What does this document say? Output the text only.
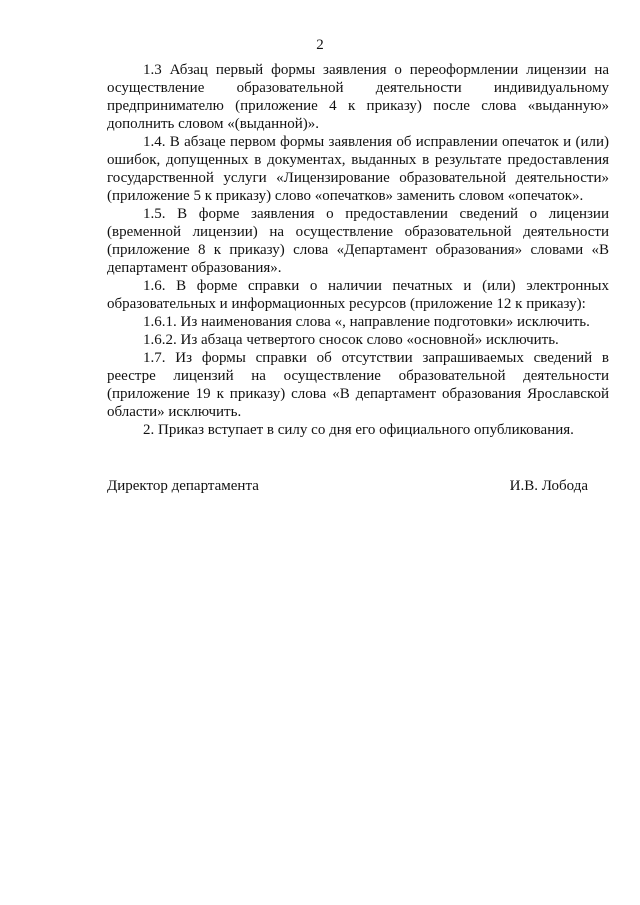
2

1.3 Абзац первый формы заявления о переоформлении лицензии на осуществление образовательной деятельности индивидуальному предпринимателю (приложение 4 к приказу) после слова «выданную» дополнить словом «(выданной)».

1.4. В абзаце первом формы заявления об исправлении опечаток и (или) ошибок, допущенных в документах, выданных в результате предоставления государственной услуги «Лицензирование образовательной деятельности» (приложение 5 к приказу) слово «опечатков» заменить словом «опечаток».

1.5. В форме заявления о предоставлении сведений о лицензии (временной лицензии) на осуществление образовательной деятельности (приложение 8 к приказу) слова «Департамент образования» словами «В департамент образования».

1.6. В форме справки о наличии печатных и (или) электронных образовательных и информационных ресурсов (приложение 12 к приказу):

1.6.1. Из наименования слова «, направление подготовки» исключить.

1.6.2. Из абзаца четвертого сносок слово «основной» исключить.

1.7. Из формы справки об отсутствии запрашиваемых сведений в реестре лицензий на осуществление образовательной деятельности (приложение 19 к приказу) слова «В департамент образования Ярославской области» исключить.

2. Приказ вступает в силу со дня его официального опубликования.

Директор департамента	И.В. Лобода
